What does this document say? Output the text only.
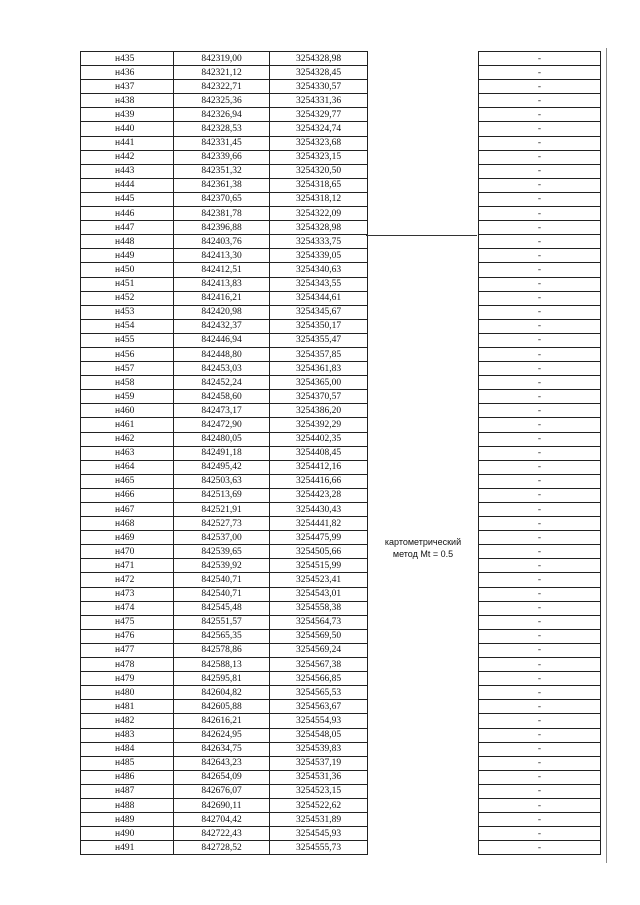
н435	842319,00	3254328,98		-
н436	842321,12	3254328,45		-
н437	842322,71	3254330,57		-
н438	842325,36	3254331,36		-
н439	842326,94	3254329,77		-
н440	842328,53	3254324,74		-
н441	842331,45	3254323,68		-
н442	842339,66	3254323,15		-
н443	842351,32	3254320,50		-
н444	842361,38	3254318,65		-
н445	842370,65	3254318,12		-
н446	842381,78	3254322,09		-
н447	842396,88	3254328,98		-
н448	842403,76	3254333,75		-
н449	842413,30	3254339,05		-
н450	842412,51	3254340,63		-
н451	842413,83	3254343,55		-
н452	842416,21	3254344,61		-
н453	842420,98	3254345,67		-
н454	842432,37	3254350,17		-
н455	842446,94	3254355,47		-
н456	842448,80	3254357,85		-
н457	842453,03	3254361,83		-
н458	842452,24	3254365,00		-
н459	842458,60	3254370,57		-
н460	842473,17	3254386,20		-
н461	842472,90	3254392,29		-
н462	842480,05	3254402,35		-
н463	842491,18	3254408,45		-
н464	842495,42	3254412,16		-
н465	842503,63	3254416,66		-
н466	842513,69	3254423,28		-
н467	842521,91	3254430,43		-
н468	842527,73	3254441,82		-
н469	842537,00	3254475,99		-
н470	842539,65	3254505,66		-
н471	842539,92	3254515,99		-
н472	842540,71	3254523,41		-
н473	842540,71	3254543,01		-
н474	842545,48	3254558,38		-
н475	842551,57	3254564,73		-
н476	842565,35	3254569,50		-
н477	842578,86	3254569,24		-
н478	842588,13	3254567,38		-
н479	842595,81	3254566,85		-
н480	842604,82	3254565,53		-
н481	842605,88	3254563,67		-
н482	842616,21	3254554,93		-
н483	842624,95	3254548,05		-
н484	842634,75	3254539,83		-
н485	842643,23	3254537,19		-
н486	842654,09	3254531,36		-
н487	842676,07	3254523,15		-
н488	842690,11	3254522,62		-
н489	842704,42	3254531,89		-
н490	842722,43	3254545,93		-
н491	842728,52	3254555,73		-
картометрический
метод Mt = 0.5
